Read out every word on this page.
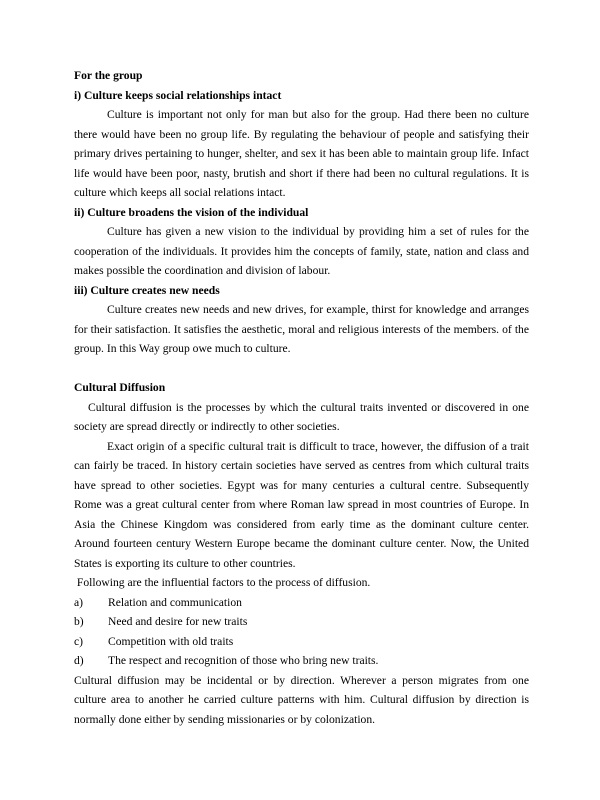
For the group

i) Culture keeps social relationships intact

Culture is important not only for man but also for the group. Had there been no culture there would have been no group life. By regulating the behaviour of people and satisfying their primary drives pertaining to hunger, shelter, and sex it has been able to maintain group life. Infact life would have been poor, nasty, brutish and short if there had been no cultural regulations. It is culture which keeps all social relations intact.

ii) Culture broadens the vision of the individual

Culture has given a new vision to the individual by providing him a set of rules for the cooperation of the individuals. It provides him the concepts of family, state, nation and class and makes possible the coordination and division of labour.

iii) Culture creates new needs

Culture creates new needs and new drives, for example, thirst for knowledge and arranges for their satisfaction. It satisfies the aesthetic, moral and religious interests of the members. of the group. In this Way group owe much to culture.

Cultural Diffusion

Cultural diffusion is the processes by which the cultural traits invented or discovered in one society are spread directly or indirectly to other societies.

Exact origin of a specific cultural trait is difficult to trace, however, the diffusion of a trait can fairly be traced. In history certain societies have served as centres from which cultural traits have spread to other societies. Egypt was for many centuries a cultural centre. Subsequently Rome was a great cultural center from where Roman law spread in most countries of Europe. In Asia the Chinese Kingdom was considered from early time as the dominant culture center. Around fourteen century Western Europe became the dominant culture center. Now, the United States is exporting its culture to other countries.

Following are the influential factors to the process of diffusion.

a)	Relation and communication
b)	Need and desire for new traits
c)	Competition with old traits
d)	The respect and recognition of those who bring new traits.

Cultural diffusion may be incidental or by direction. Wherever a person migrates from one culture area to another he carried culture patterns with him. Cultural diffusion by direction is normally done either by sending missionaries or by colonization.
